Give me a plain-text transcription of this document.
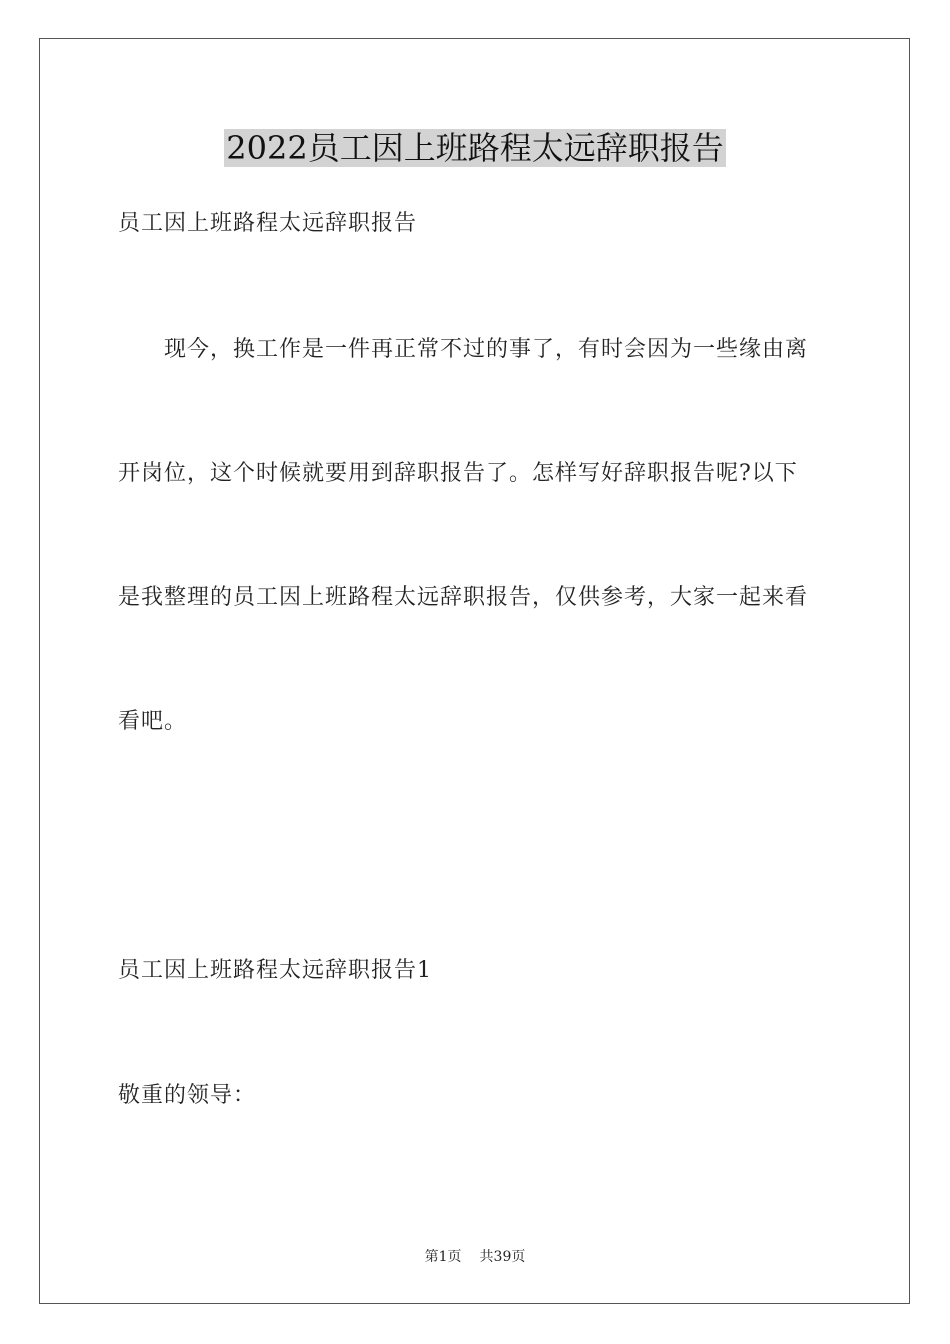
2022员工因上班路程太远辞职报告

员工因上班路程太远辞职报告

现今，换工作是一件再正常不过的事了，有时会因为一些缘由离

开岗位，这个时候就要用到辞职报告了。怎样写好辞职报告呢?以下

是我整理的员工因上班路程太远辞职报告，仅供参考，大家一起来看

看吧。

员工因上班路程太远辞职报告1

敬重的领导：

第1页 共39页
